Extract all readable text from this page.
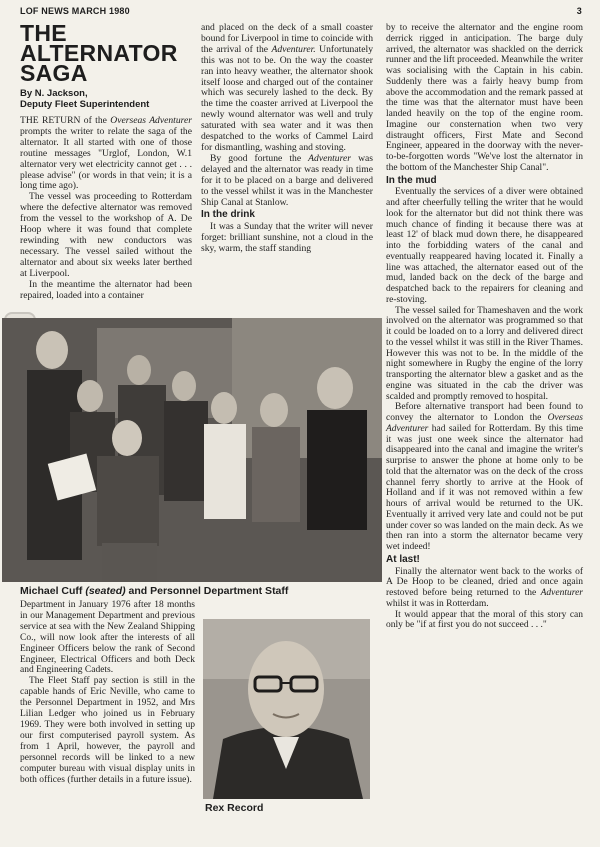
LOF NEWS MARCH 1980	3
THE ALTERNATOR SAGA
By N. Jackson,
Deputy Fleet Superintendent

THE RETURN of the Overseas Adventurer prompts the writer to relate the saga of the alternator. It all started with one of those routine messages "Urglof, London, W.1 alternator very wet electricity cannot get . . . please advise" (or words in that vein; it is a long time ago).

The vessel was proceeding to Rotterdam where the defective alternator was removed from the vessel to the workshop of A. De Hoop where it was found that complete rewinding with new conductors was necessary. The vessel sailed without the alternator and about six weeks later berthed at Liverpool.

In the meantime the alternator had been repaired, loaded into a container

and placed on the deck of a small coaster bound for Liverpool in time to coincide with the arrival of the Adventurer. Unfortunately this was not to be. On the way the coaster ran into heavy weather, the alternator shook itself loose and charged out of the container which was securely lashed to the deck. By the time the coaster arrived at Liverpool the newly wound alternator was well and truly saturated with sea water and it was then despatched to the works of Cammel Laird for dismantling, washing and stoving.

By good fortune the Adventurer was delayed and the alternator was ready in time for it to be placed on a barge and delivered to the vessel whilst it was in the Manchester Ship Canal at Stanlow.

In the drink

It was a Sunday that the writer will never forget: brilliant sunshine, not a cloud in the sky, warm, the staff standing

by to receive the alternator and the engine room derrick rigged in anticipation. The barge duly arrived, the alternator was shackled on the derrick runner and the lift proceeded. Meanwhile the writer was socialising with the Captain in his cabin. Suddenly there was a fairly heavy bump from above the accommodation and the remark passed at the time was that the alternator must have been landed heavily on the top of the engine room. Imagine our consternation when two very distraught officers, First Mate and Second Engineer, appeared in the doorway with the never-to-be-forgotten words "We've lost the alternator in the bottom of the Manchester Ship Canal".

In the mud

Eventually the services of a diver were obtained and after cheerfully telling the writer that he would look for the alternator but did not think there was much chance of finding it because there was at least 12' of black mud down there, he disappeared into the forbidding waters of the canal and eventually reappeared having located it. Finally a line was attached, the alternator eased out of the mud, landed back on the deck of the barge and despatched back to the repairers for cleaning and re-stoving.

The vessel sailed for Thameshaven and the work involved on the alternator was programmed so that it could be loaded on to a lorry and delivered direct to the vessel whilst it was still in the River Thames. However this was not to be. In the middle of the night somewhere in Rugby the engine of the lorry transporting the alternator blew a gasket and as the engine was situated in the cab the driver was scalded and promptly removed to hospital.

Before alternative transport had been found to convey the alternator to London the Overseas Adventurer had sailed for Rotterdam. By this time it was just one week since the alternator had disappeared into the canal and imagine the writer's surprise to answer the phone at home only to be told that the alternator was on the deck of the cross channel ferry shortly to arrive at the Hook of Holland and if it was not removed within a few hours of arrival would be returned to the UK. Eventually it arrived very late and could not be put under cover so was landed on the main deck. As we then ran into a storm the alternator became very wet indeed!

At last!

Finally the alternator went back to the works of A De Hoop to be cleaned, dried and once again restoved before being returned to the Adventurer whilst it was in Rotterdam.

It would appear that the moral of this story can only be "if at first you do not succeed . . ."

Michael Cuff (seated) and Personnel Department Staff

Department in January 1976 after 18 months in our Management Department and previous service at sea with the New Zealand Shipping Co., will now look after the interests of all Engineer Officers below the rank of Second Engineer, Electrical Officers and both Deck and Engineering Cadets.

The Fleet Staff pay section is still in the capable hands of Eric Neville, who came to the Personnel Department in 1952, and Mrs Lilian Ledger who joined us in February 1969. They were both involved in setting up our first computerised payroll system. As from 1 April, however, the payroll and personnel records will be linked to a new computer bureau with visual display units in both offices (further details in a future issue).

Rex Record
